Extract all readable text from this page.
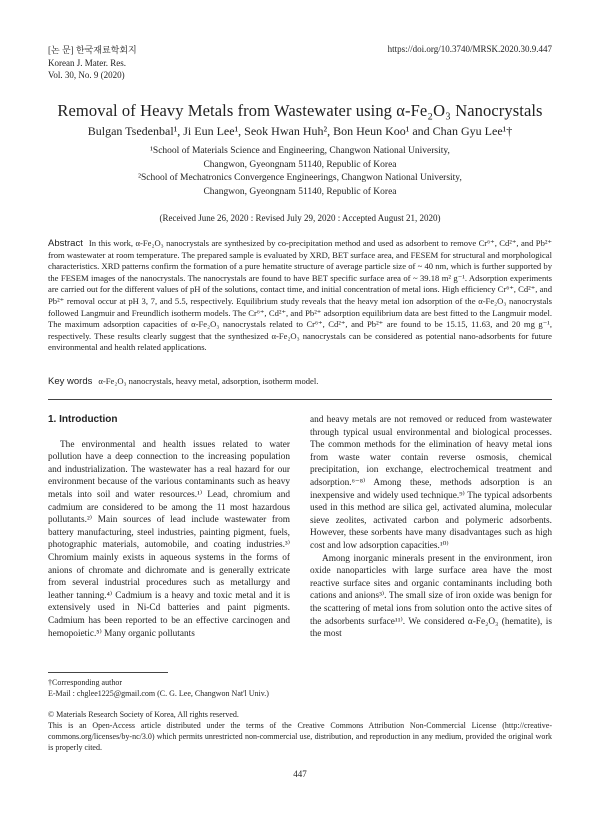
[논 문] 한국재료학회지
Korean J. Mater. Res.
Vol. 30, No. 9 (2020)
https://doi.org/10.3740/MRSK.2020.30.9.447
Removal of Heavy Metals from Wastewater using α-Fe₂O₃ Nanocrystals
Bulgan Tsedenbal¹, Ji Eun Lee¹, Seok Hwan Huh², Bon Heun Koo¹ and Chan Gyu Lee¹†
¹School of Materials Science and Engineering, Changwon National University,
Changwon, Gyeongnam 51140, Republic of Korea
²School of Mechatronics Convergence Engineerings, Changwon National University,
Changwon, Gyeongnam 51140, Republic of Korea
(Received June 26, 2020 : Revised July 29, 2020 : Accepted August 21, 2020)
Abstract In this work, α-Fe₂O₃ nanocrystals are synthesized by co-precipitation method and used as adsorbent to remove Cr⁶⁺, Cd²⁺, and Pb²⁺ from wastewater at room temperature. The prepared sample is evaluated by XRD, BET surface area, and FESEM for structural and morphological characteristics. XRD patterns confirm the formation of a pure hematite structure of average particle size of ~ 40 nm, which is further supported by the FESEM images of the nanocrystals. The nanocrystals are found to have BET specific surface area of ~ 39.18 m² g⁻¹. Adsorption experiments are carried out for the different values of pH of the solutions, contact time, and initial concentration of metal ions. High efficiency Cr⁶⁺, Cd²⁺, and Pb²⁺ removal occur at pH 3, 7, and 5.5, respectively. Equilibrium study reveals that the heavy metal ion adsorption of the α-Fe₂O₃ nanocrystals followed Langmuir and Freundlich isotherm models. The Cr⁶⁺, Cd²⁺, and Pb²⁺ adsorption equilibrium data are best fitted to the Langmuir model. The maximum adsorption capacities of α-Fe₂O₃ nanocrystals related to Cr⁶⁺, Cd²⁺, and Pb²⁺ are found to be 15.15, 11.63, and 20 mg g⁻¹, respectively. These results clearly suggest that the synthesized α-Fe₂O₃ nanocrystals can be considered as potential nano-adsorbents for future environmental and health related applications.
Key words α-Fe₂O₃ nanocrystals, heavy metal, adsorption, isotherm model.
1. Introduction

The environmental and health issues related to water pollution have a deep connection to the increasing population and industrialization. The wastewater has a real hazard for our environment because of the various contaminants such as heavy metals into soil and water resources.¹⁾ Lead, chromium and cadmium are considered to be among the 11 most hazardous pollutants.²⁾ Main sources of lead include wastewater from battery manufacturing, steel industries, painting pigment, fuels, photographic materials, automobile, and coating industries.³⁾ Chromium mainly exists in aqueous systems in the forms of anions of chromate and dichromate and is generally extricate from several industrial procedures such as metallurgy and leather tanning.⁴⁾ Cadmium is a heavy and toxic metal and it is extensively used in Ni-Cd batteries and paint pigments. Cadmium has been reported to be an effective carcinogen and hemopoietic.⁵⁾ Many organic pollutants

and heavy metals are not removed or reduced from wastewater through typical usual environmental and biological processes. The common methods for the elimination of heavy metal ions from waste water contain reverse osmosis, chemical precipitation, ion exchange, electrochemical treatment and adsorption.⁶⁻⁸⁾ Among these, methods adsorption is an inexpensive and widely used technique.⁹⁾ The typical adsorbents used in this method are silica gel, activated alumina, molecular sieve zeolites, activated carbon and polymeric adsorbents. However, these sorbents have many disadvantages such as high cost and low adsorption capacities.¹⁰⁾

Among inorganic minerals present in the environment, iron oxide nanoparticles with large surface area have the most reactive surface sites and organic contaminants including both cations and anions³⁾. The small size of iron oxide was benign for the scattering of metal ions from solution onto the active sites of the adsorbents surface¹¹⁾. We considered α-Fe₂O₃ (hematite), is the most

†Corresponding author
E-Mail : chglee1225@gmail.com (C. G. Lee, Changwon Nat'l Univ.)
© Materials Research Society of Korea, All rights reserved.
This is an Open-Access article distributed under the terms of the Creative Commons Attribution Non-Commercial License (http://creative-commons.org/licenses/by-nc/3.0) which permits unrestricted non-commercial use, distribution, and reproduction in any medium, provided the original work is properly cited.
447
